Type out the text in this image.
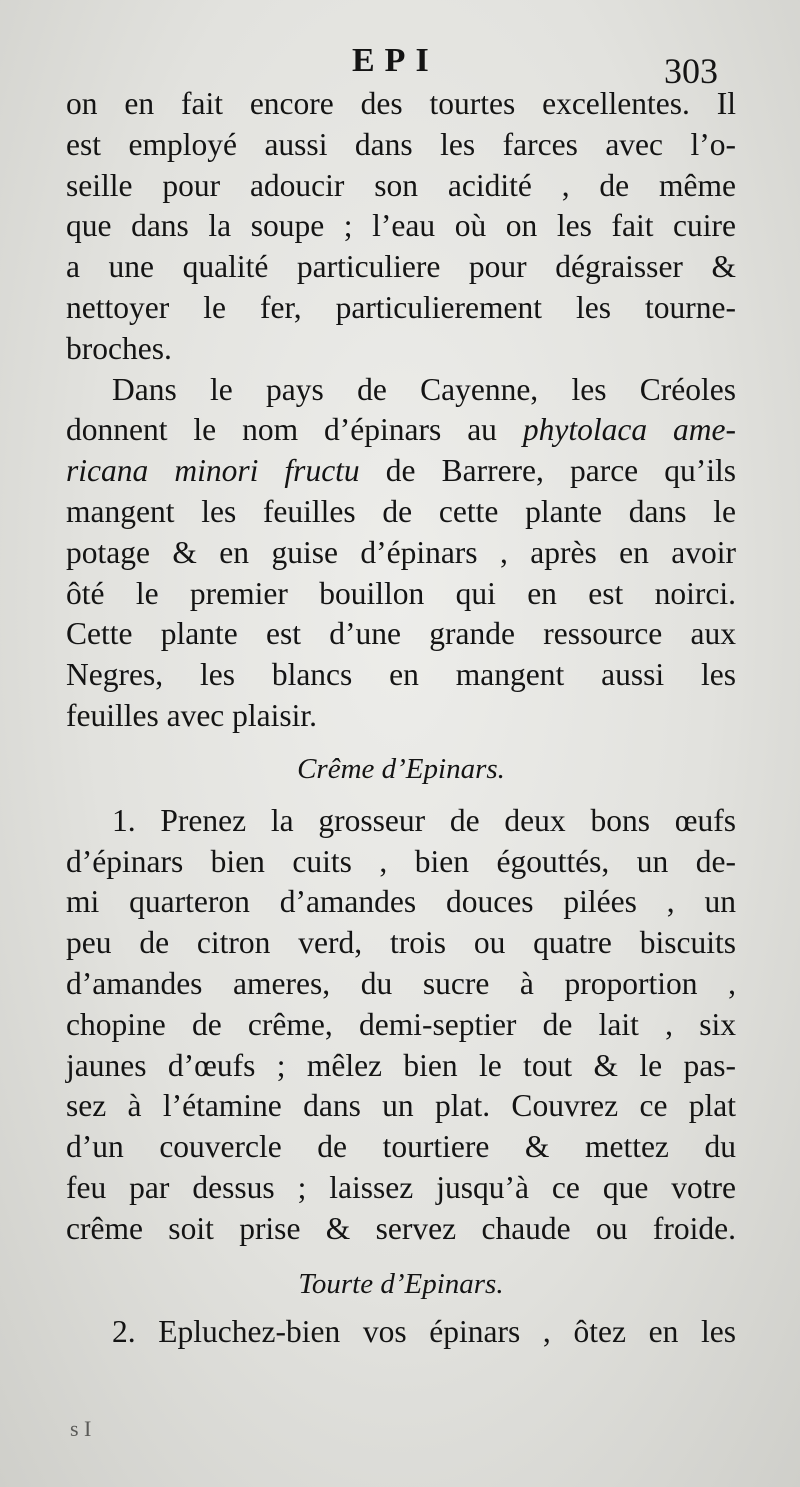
EPI	303
on en fait encore des tourtes excellentes. Il
est employé aussi dans les farces avec l’o-
seille pour adoucir son acidité , de même
que dans la soupe ; l’eau où on les fait cuire
a une qualité particuliere pour dégraisser &
nettoyer le fer, particulierement les tourne-
broches.
Dans le pays de Cayenne, les Créoles
donnent le nom d’épinars au phytolaca ame-
ricana minori fructu de Barrere, parce qu’ils
mangent les feuilles de cette plante dans le
potage & en guise d’épinars , après en avoir
ôté le premier bouillon qui en est noirci.
Cette plante est d’une grande ressource aux
Negres, les blancs en mangent aussi les
feuilles avec plaisir.
Crême d’Epinars.
1. Prenez la grosseur de deux bons œufs
d’épinars bien cuits , bien égouttés, un de-
mi quarteron d’amandes douces pilées , un
peu de citron verd, trois ou quatre biscuits
d’amandes ameres, du sucre à proportion ,
chopine de crême, demi-septier de lait , six
jaunes d’œufs ; mêlez bien le tout & le pas-
sez à l’étamine dans un plat. Couvrez ce plat
d’un couvercle de tourtiere & mettez du
feu par dessus ; laissez jusqu’à ce que votre
crême soit prise & servez chaude ou froide.
Tourte d’Epinars.
2. Epluchez-bien vos épinars , ôtez en les
s I
